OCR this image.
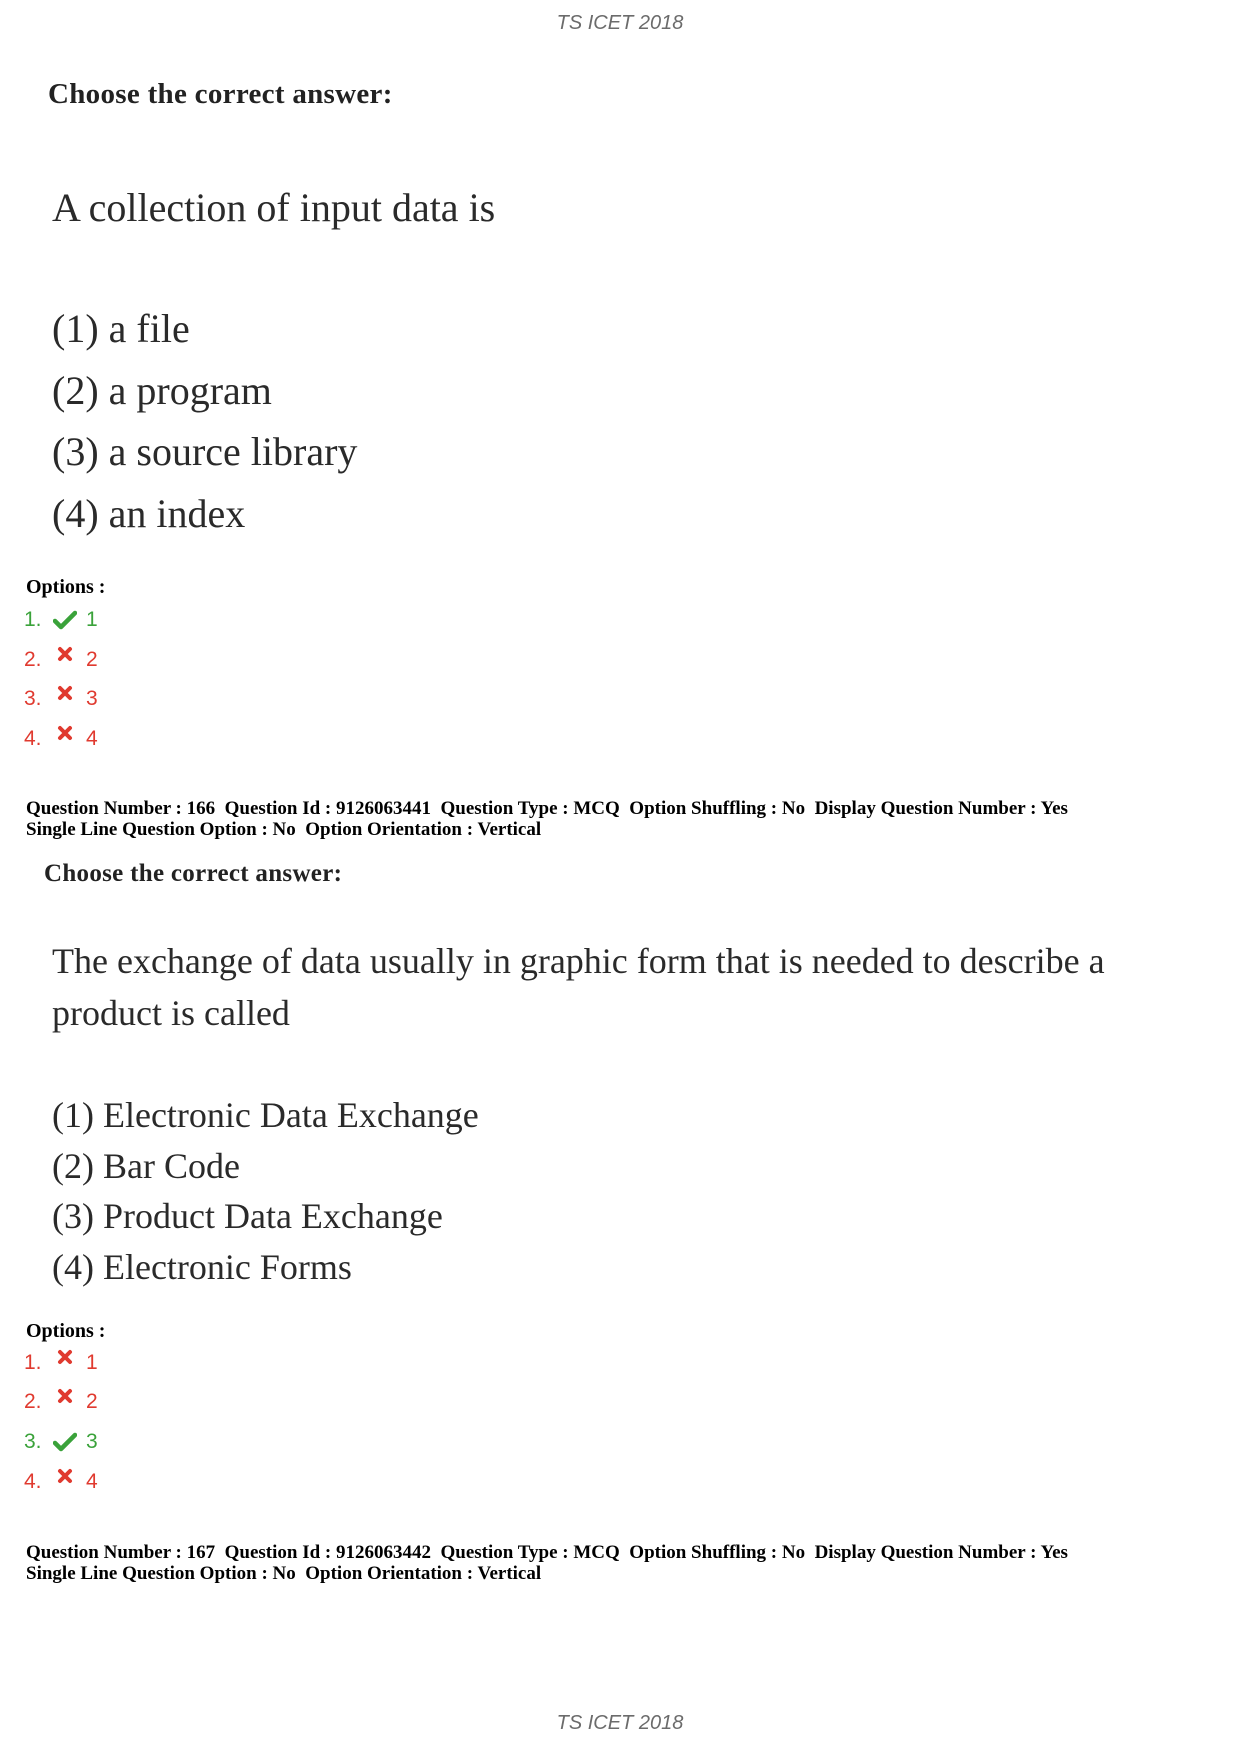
TS ICET 2018
Choose the correct answer:
A collection of input data is
(1) a file
(2) a program
(3) a source library
(4) an index
Options :
1.	1
2.	2
3.	3
4.	4
Question Number : 166  Question Id : 9126063441  Question Type : MCQ  Option Shuffling : No  Display Question Number : Yes
Single Line Question Option : No  Option Orientation : Vertical
Choose the correct answer:
The exchange of data usually in graphic form that is needed to describe a
product is called
(1) Electronic Data Exchange
(2) Bar Code
(3) Product Data Exchange
(4) Electronic Forms
Options :
1.	1
2.	2
3.	3
4.	4
Question Number : 167  Question Id : 9126063442  Question Type : MCQ  Option Shuffling : No  Display Question Number : Yes
Single Line Question Option : No  Option Orientation : Vertical
TS ICET 2018
